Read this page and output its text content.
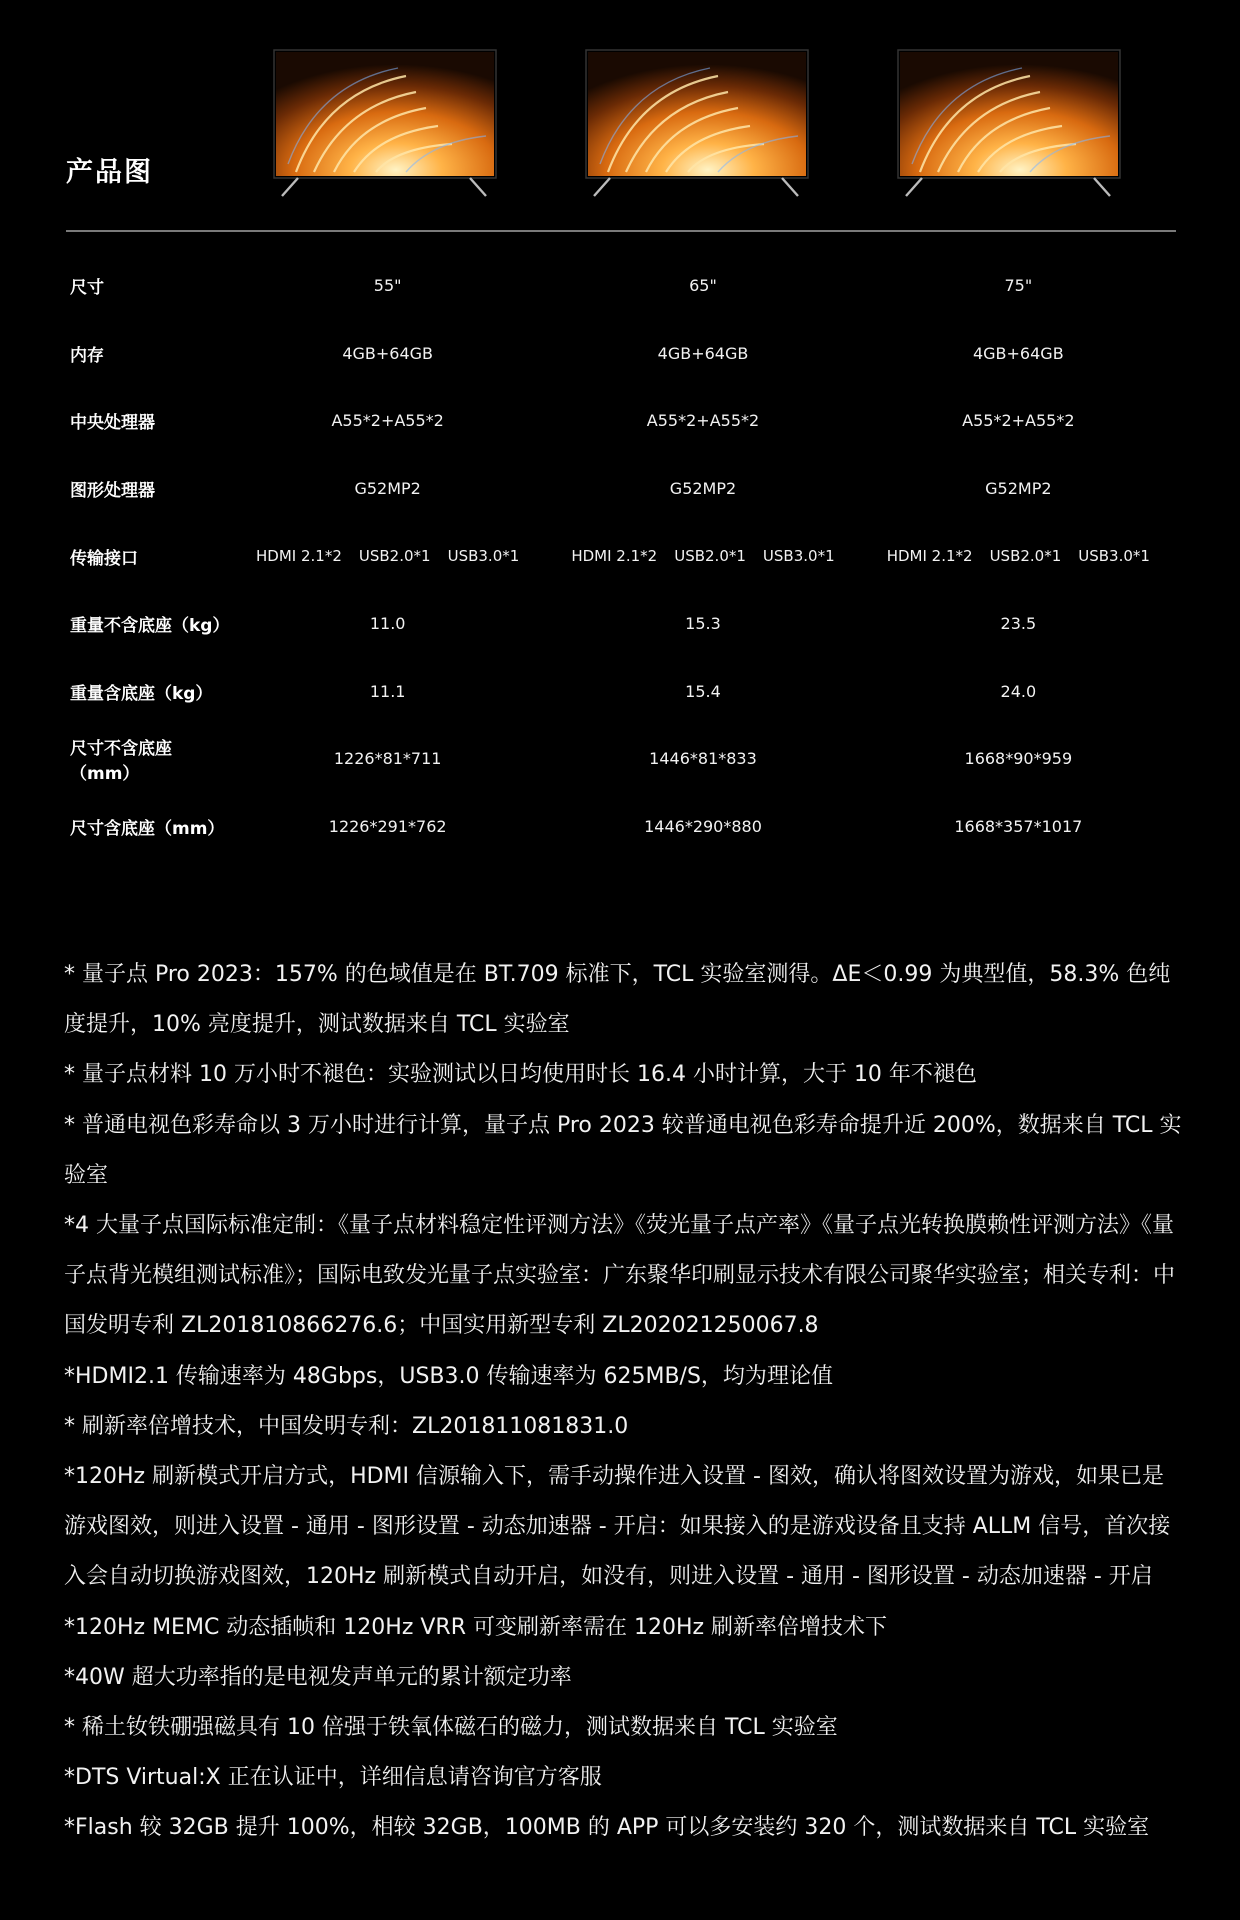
产品图
尺寸	55"	65"	75"
内存	4GB+64GB	4GB+64GB	4GB+64GB
中央处理器	A55*2+A55*2	A55*2+A55*2	A55*2+A55*2
图形处理器	G52MP2	G52MP2	G52MP2
传输接口	HDMI 2.1*2 USB2.0*1 USB3.0*1	HDMI 2.1*2 USB2.0*1 USB3.0*1	HDMI 2.1*2 USB2.0*1 USB3.0*1

重量不含底座（kg）	11.0	15.3	23.5
重量含底座（kg）	11.1	15.4	24.0
尺寸不含底座（mm）	1226*81*711	1446*81*833	1668*90*959
尺寸含底座（mm）	1226*291*762	1446*290*880	1668*357*1017

* 量子点 Pro 2023：157% 的色域值是在 BT.709 标准下，TCL 实验室测得。ΔE＜0.99 为典型值，58.3% 色纯度提升，10% 亮度提升，测试数据来自 TCL 实验室

* 量子点材料 10 万小时不褪色：实验测试以日均使用时长 16.4 小时计算，大于 10 年不褪色

* 普通电视色彩寿命以 3 万小时进行计算，量子点 Pro 2023 较普通电视色彩寿命提升近 200%，数据来自 TCL 实验室

*4 大量子点国际标准定制：《量子点材料稳定性评测方法》《荧光量子点产率》《量子点光转换膜赖性评测方法》《量子点背光模组测试标准》；国际电致发光量子点实验室：广东聚华印刷显示技术有限公司聚华实验室；相关专利：中国发明专利 ZL201810866276.6；中国实用新型专利 ZL202021250067.8

*HDMI2.1 传输速率为 48Gbps，USB3.0 传输速率为 625MB/S，均为理论值

* 刷新率倍增技术，中国发明专利：ZL201811081831.0

*120Hz 刷新模式开启方式，HDMI 信源输入下，需手动操作进入设置 - 图效，确认将图效设置为游戏，如果已是游戏图效，则进入设置 - 通用 - 图形设置 - 动态加速器 - 开启：如果接入的是游戏设备且支持 ALLM 信号，首次接入会自动切换游戏图效，120Hz 刷新模式自动开启，如没有，则进入设置 - 通用 - 图形设置 - 动态加速器 - 开启

*120Hz MEMC 动态插帧和 120Hz VRR 可变刷新率需在 120Hz 刷新率倍增技术下

*40W 超大功率指的是电视发声单元的累计额定功率

* 稀土钕铁硼强磁具有 10 倍强于铁氧体磁石的磁力，测试数据来自 TCL 实验室

*DTS Virtual:X 正在认证中，详细信息请咨询官方客服

*Flash 较 32GB 提升 100%，相较 32GB，100MB 的 APP 可以多安装约 320 个，测试数据来自 TCL 实验室
